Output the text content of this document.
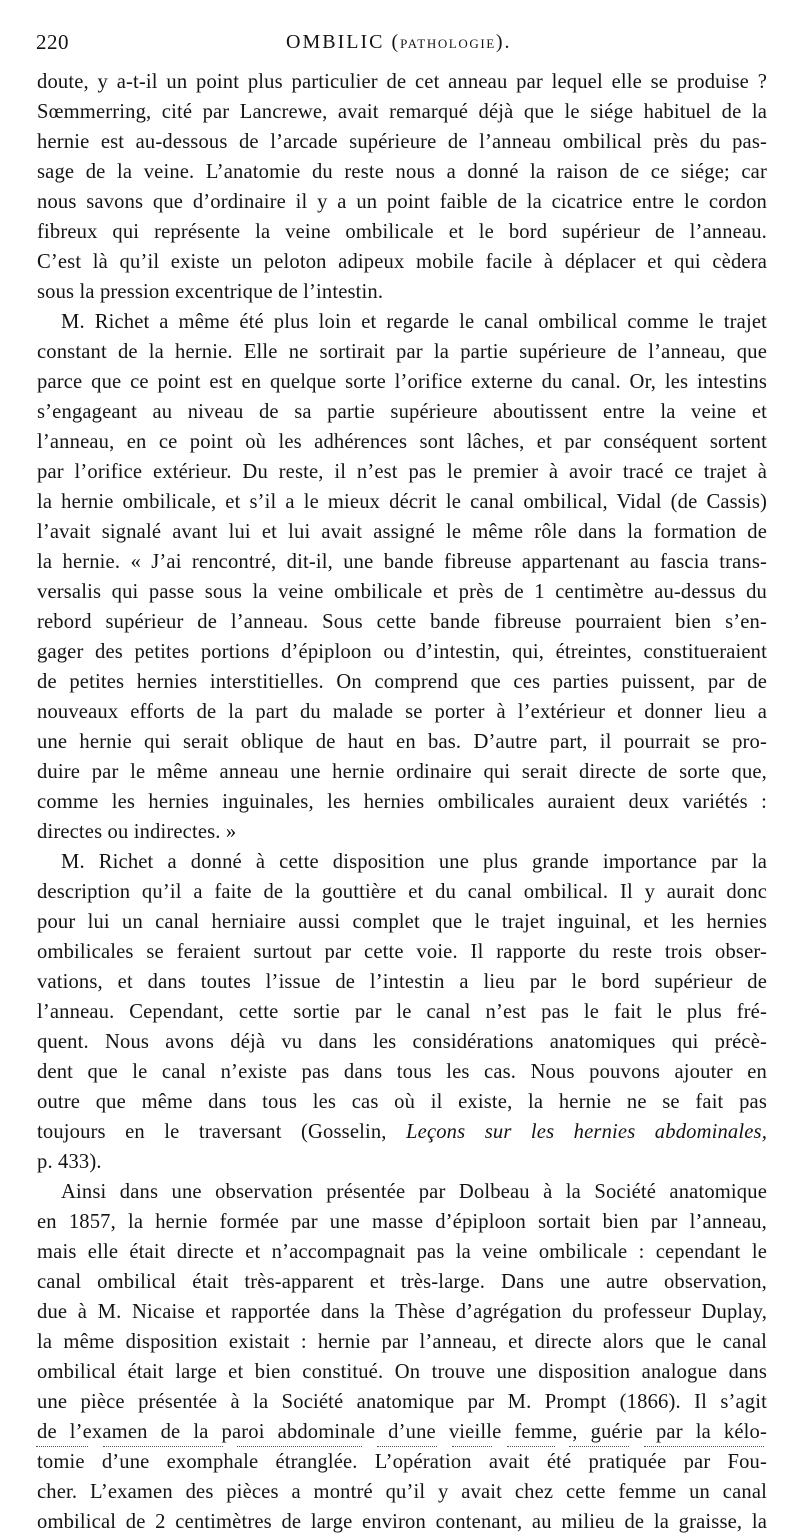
220	OMBILIC (PATHOLOGIE).
doute, y a-t-il un point plus particulier de cet anneau par lequel elle se produise ?
Sœmmerring, cité par Lancrewe, avait remarqué déjà que le siége habituel de la
hernie est au-dessous de l’arcade supérieure de l’anneau ombilical près du pas-
sage de la veine. L’anatomie du reste nous a donné la raison de ce siége; car
nous savons que d’ordinaire il y a un point faible de la cicatrice entre le cordon
fibreux qui représente la veine ombilicale et le bord supérieur de l’anneau.
C’est là qu’il existe un peloton adipeux mobile facile à déplacer et qui cèdera
sous la pression excentrique de l’intestin.
M. Richet a même été plus loin et regarde le canal ombilical comme le trajet
constant de la hernie. Elle ne sortirait par la partie supérieure de l’anneau, que
parce que ce point est en quelque sorte l’orifice externe du canal. Or, les intestins
s’engageant au niveau de sa partie supérieure aboutissent entre la veine et
l’anneau, en ce point où les adhérences sont lâches, et par conséquent sortent
par l’orifice extérieur. Du reste, il n’est pas le premier à avoir tracé ce trajet à
la hernie ombilicale, et s’il a le mieux décrit le canal ombilical, Vidal (de Cassis)
l’avait signalé avant lui et lui avait assigné le même rôle dans la formation de
la hernie. « J’ai rencontré, dit-il, une bande fibreuse appartenant au fascia trans-
versalis qui passe sous la veine ombilicale et près de 1 centimètre au-dessus du
rebord supérieur de l’anneau. Sous cette bande fibreuse pourraient bien s’en-
gager des petites portions d’épiploon ou d’intestin, qui, étreintes, constitueraient
de petites hernies interstitielles. On comprend que ces parties puissent, par de
nouveaux efforts de la part du malade se porter à l’extérieur et donner lieu a
une hernie qui serait oblique de haut en bas. D’autre part, il pourrait se pro-
duire par le même anneau une hernie ordinaire qui serait directe de sorte que,
comme les hernies inguinales, les hernies ombilicales auraient deux variétés :
directes ou indirectes. »
M. Richet a donné à cette disposition une plus grande importance par la
description qu’il a faite de la gouttière et du canal ombilical. Il y aurait donc
pour lui un canal herniaire aussi complet que le trajet inguinal, et les hernies
ombilicales se feraient surtout par cette voie. Il rapporte du reste trois obser-
vations, et dans toutes l’issue de l’intestin a lieu par le bord supérieur de
l’anneau. Cependant, cette sortie par le canal n’est pas le fait le plus fré-
quent. Nous avons déjà vu dans les considérations anatomiques qui précè-
dent que le canal n’existe pas dans tous les cas. Nous pouvons ajouter en
outre que même dans tous les cas où il existe, la hernie ne se fait pas
toujours en le traversant (Gosselin, Leçons sur les hernies abdominales,
p. 433).
Ainsi dans une observation présentée par Dolbeau à la Société anatomique
en 1857, la hernie formée par une masse d’épiploon sortait bien par l’anneau,
mais elle était directe et n’accompagnait pas la veine ombilicale : cependant le
canal ombilical était très-apparent et très-large. Dans une autre observation,
due à M. Nicaise et rapportée dans la Thèse d’agrégation du professeur Duplay,
la même disposition existait : hernie par l’anneau, et directe alors que le canal
ombilical était large et bien constitué. On trouve une disposition analogue dans
une pièce présentée à la Société anatomique par M. Prompt (1866). Il s’agit
de l’examen de la paroi abdominale d’une vieille femme, guérie par la kélo-
tomie d’une exomphale étranglée. L’opération avait été pratiquée par Fou-
cher. L’examen des pièces a montré qu’il y avait chez cette femme un canal
ombilical de 2 centimètres de large environ contenant, au milieu de la graisse, la
